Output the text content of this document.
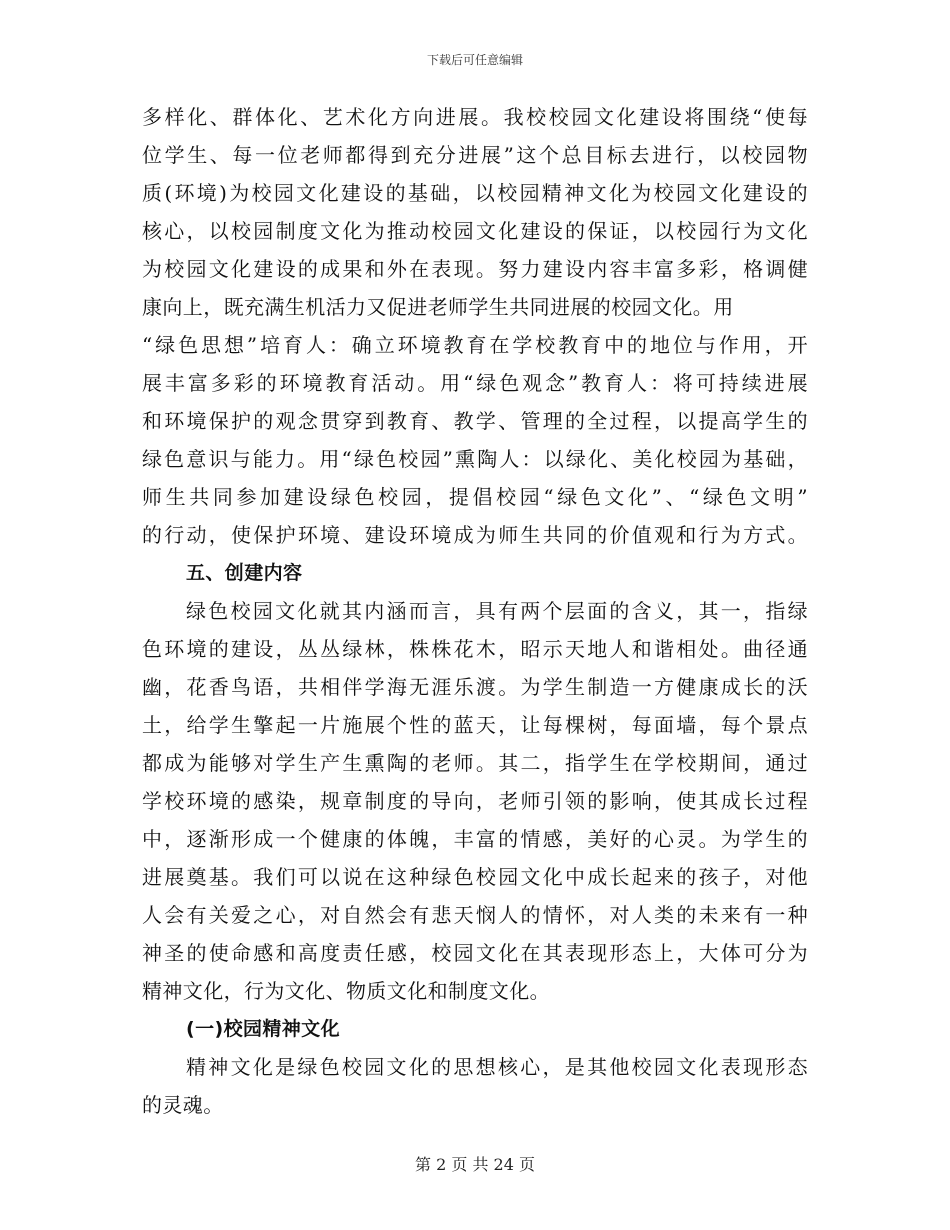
下载后可任意编辑
多样化、群体化、艺术化方向进展。我校校园文化建设将围绕“使每
位学生、每一位老师都得到充分进展”这个总目标去进行，以校园物
质(环境)为校园文化建设的基础，以校园精神文化为校园文化建设的
核心，以校园制度文化为推动校园文化建设的保证，以校园行为文化
为校园文化建设的成果和外在表现。努力建设内容丰富多彩，格调健
康向上，既充满生机活力又促进老师学生共同进展的校园文化。用
“绿色思想”培育人：确立环境教育在学校教育中的地位与作用，开
展丰富多彩的环境教育活动。用“绿色观念”教育人：将可持续进展
和环境保护的观念贯穿到教育、教学、管理的全过程，以提高学生的
绿色意识与能力。用“绿色校园”熏陶人：以绿化、美化校园为基础，
师生共同参加建设绿色校园，提倡校园“绿色文化”、“绿色文明”
的行动，使保护环境、建设环境成为师生共同的价值观和行为方式。
五、创建内容
绿色校园文化就其内涵而言，具有两个层面的含义，其一，指绿
色环境的建设，丛丛绿林，株株花木，昭示天地人和谐相处。曲径通
幽，花香鸟语，共相伴学海无涯乐渡。为学生制造一方健康成长的沃
土，给学生擎起一片施展个性的蓝天，让每棵树，每面墙，每个景点
都成为能够对学生产生熏陶的老师。其二，指学生在学校期间，通过
学校环境的感染，规章制度的导向，老师引领的影响，使其成长过程
中，逐渐形成一个健康的体魄，丰富的情感，美好的心灵。为学生的
进展奠基。我们可以说在这种绿色校园文化中成长起来的孩子，对他
人会有关爱之心，对自然会有悲天悯人的情怀，对人类的未来有一种
神圣的使命感和高度责任感，校园文化在其表现形态上，大体可分为
精神文化，行为文化、物质文化和制度文化。
(一)校园精神文化
精神文化是绿色校园文化的思想核心，是其他校园文化表现形态
的灵魂。
第 2 页 共 24 页
